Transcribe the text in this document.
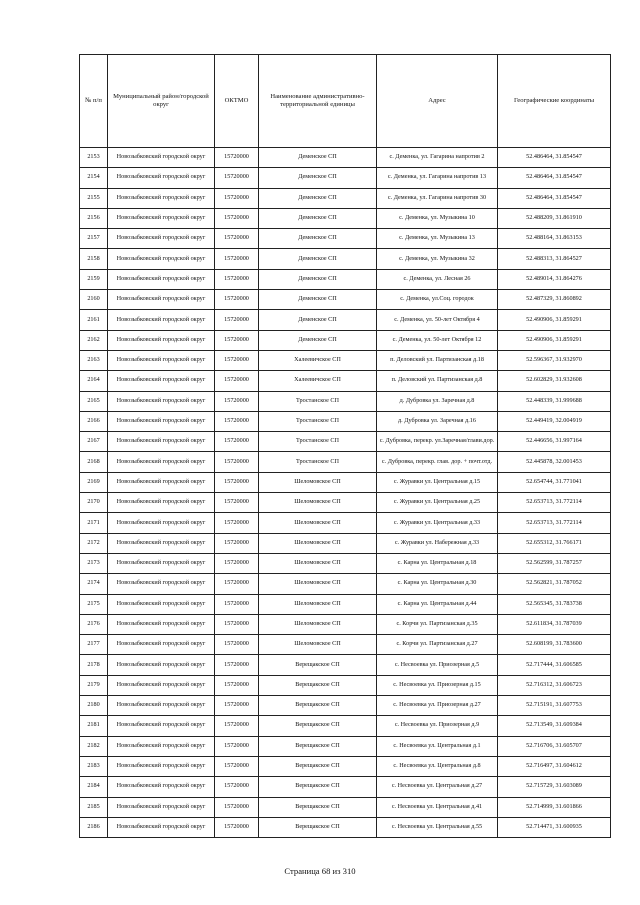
№ п/п	Муниципальный район/городской округ	ОКТМО	Наименование административно-территориальной единицы	Адрес	Географические координаты
2153	Новозыбковский городской округ	15720000	Деменское СП	с. Деменка, ул. Гагарина напротив 2	52.486464, 31.854547
2154	Новозыбковский городской округ	15720000	Деменское СП	с. Деменка, ул. Гагарина напротив 13	52.486464, 31.854547
2155	Новозыбковский городской округ	15720000	Деменское СП	с. Деменка, ул. Гагарина напротив 30	52.486464, 31.854547
2156	Новозыбковский городской округ	15720000	Деменское СП	с. Деменка, ул. Музыкина 10	52.488209, 31.861910
2157	Новозыбковский городской округ	15720000	Деменское СП	с. Деменка, ул. Музыкина 13	52.488164, 31.863153
2158	Новозыбковский городской округ	15720000	Деменское СП	с. Деменка, ул. Музыкина 32	52.488313, 31.864527
2159	Новозыбковский городской округ	15720000	Деменское СП	с. Деменка, ул. Лесная 26	52.489014, 31.864276
2160	Новозыбковский городской округ	15720000	Деменское СП	с. Деменка, ул.Соц. городок	52.487329, 31.860892
2161	Новозыбковский городской округ	15720000	Деменское СП	с. Деменка, ул. 50-лет Октября 4	52.490906, 31.859291
2162	Новозыбковский городской округ	15720000	Деменское СП	с. Деменка, ул. 50-лет Октября 12	52.490906, 31.859291
2163	Новозыбковский городской округ	15720000	Халеевичское СП	п. Деловский ул. Партизанская д.18	52.596367, 31.932970
2164	Новозыбковский городской округ	15720000	Халеевичское СП	п. Деловский ул. Партизанская д.8	52.602829, 31.932608
2165	Новозыбковский городской округ	15720000	Тростанское СП	д. Дубровка ул. Заречная д.8	52.448339, 31.999688
2166	Новозыбковский городской округ	15720000	Тростанское СП	д. Дубровка ул. Заречная д.16	52.449419, 32.004919
2167	Новозыбковский городской округ	15720000	Тростанское СП	с. Дубровка, перекр. ул.Заречная/глави.дор.	52.446656, 31.997164
2168	Новозыбковский городской округ	15720000	Тростанское СП	с. Дубровка, перекр. глав. дор. + почт.отд.	52.445878, 32.001453
2169	Новозыбковский городской округ	15720000	Шеломовское СП	с. Журавки ул. Центральная д.15	52.654744, 31.771041
2170	Новозыбковский городской округ	15720000	Шеломовское СП	с. Журавки ул. Центральная д.25	52.653713, 31.772114
2171	Новозыбковский городской округ	15720000	Шеломовское СП	с. Журавки ул. Центральная д.33	52.653713, 31.772114
2172	Новозыбковский городской округ	15720000	Шеломовское СП	с. Журавки ул. Набережная д.33	52.655312, 31.766171
2173	Новозыбковский городской округ	15720000	Шеломовское СП	с. Карна ул. Центральная д.18	52.562599, 31.787257
2174	Новозыбковский городской округ	15720000	Шеломовское СП	с. Карна ул. Центральная д.30	52.562821, 31.787052
2175	Новозыбковский городской округ	15720000	Шеломовское СП	с. Карна ул. Центральная д.44	52.565345, 31.783738
2176	Новозыбковский городской округ	15720000	Шеломовское СП	с. Корчи ул. Партизанская д.35	52.611834, 31.787039
2177	Новозыбковский городской округ	15720000	Шеломовское СП	с. Корчи ул. Партизанская д.27	52.608199, 31.783600
2178	Новозыбковский городской округ	15720000	Верещакское СП	с. Несвоевка ул. Приозерная д.5	52.717444, 31.606585
2179	Новозыбковский городской округ	15720000	Верещакское СП	с. Несвоевка ул. Приозерная д.15	52.716312, 31.606723
2180	Новозыбковский городской округ	15720000	Верещакское СП	с. Несвоевка ул. Приозерная д.27	52.715191, 31.607753
2181	Новозыбковский городской округ	15720000	Верещакское СП	с. Несвоевка ул. Приозерная д.9	52.713549, 31.609384
2182	Новозыбковский городской округ	15720000	Верещакское СП	с. Несвоевка ул. Центральная д.1	52.716706, 31.605707
2183	Новозыбковский городской округ	15720000	Верещакское СП	с. Несвоевка ул. Центральная д.8	52.716497, 31.604612
2184	Новозыбковский городской округ	15720000	Верещакское СП	с. Несвоевка ул. Центральная д.27	52.715729, 31.603089
2185	Новозыбковский городской округ	15720000	Верещакское СП	с. Несвоевка ул. Центральная д.41	52.714999, 31.601866
2186	Новозыбковский городской округ	15720000	Верещакское СП	с. Несвоевка ул. Центральная д.55	52.714471, 31.600935
Страница 68 из 310
